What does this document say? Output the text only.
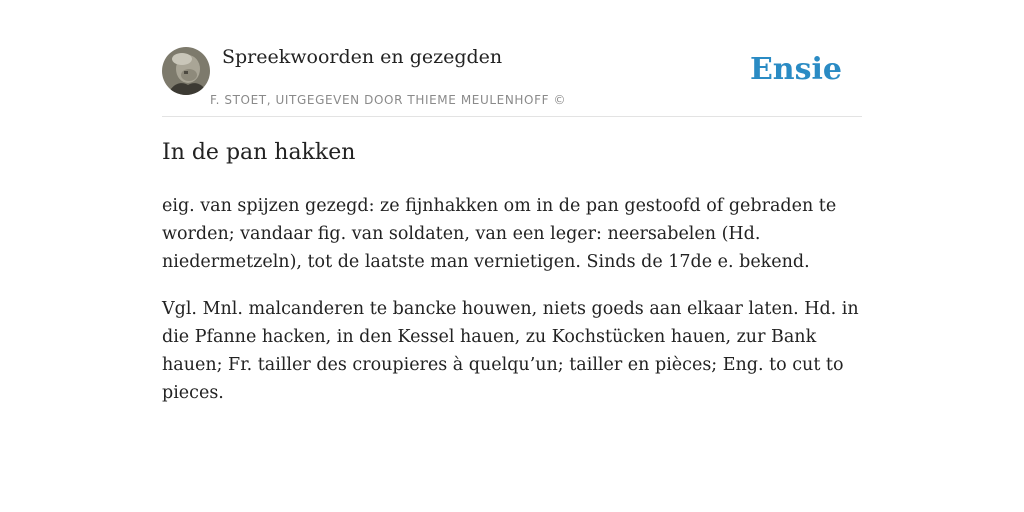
Spreekwoorden en gezegden
F. STOET, UITGEGEVEN DOOR THIEME MEULENHOFF ©
Ensie
In de pan hakken

eig. van spijzen gezegd: ze fijnhakken om in de pan gestoofd of gebraden te worden; vandaar fig. van soldaten, van een leger: neersabelen (Hd. niedermetzeln), tot de laatste man vernietigen. Sinds de 17de e. bekend.

Vgl. Mnl. malcanderen te bancke houwen, niets goeds aan elkaar laten. Hd. in die Pfanne hacken, in den Kessel hauen, zu Kochstücken hauen, zur Bank hauen; Fr. tailler des croupieres à quelqu’un; tailler en pièces; Eng. to cut to pieces.
